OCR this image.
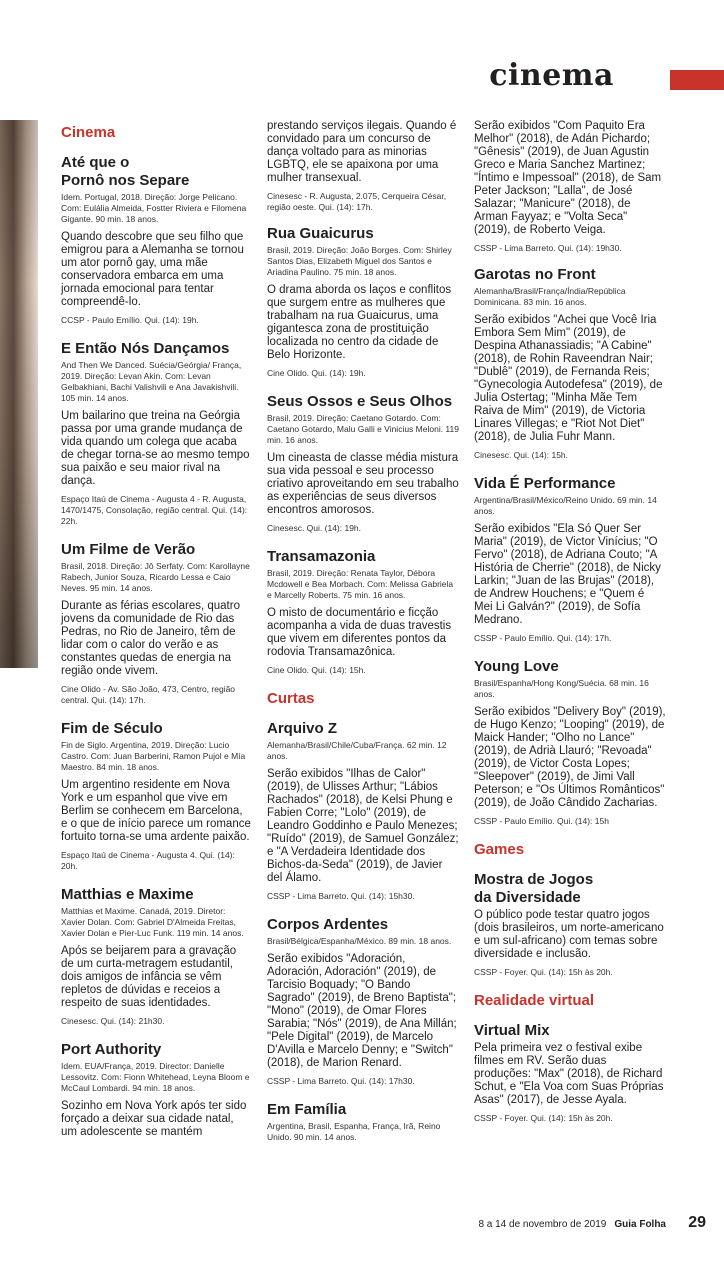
cinema
Cinema
Até que o
Pornô nos Separe
Idem. Portugal, 2018. Direção: Jorge Pelicano. Com: Eulália Almeida, Fostter Riviera e Filomena Gigante. 90 min. 18 anos.
Quando descobre que seu filho que emigrou para a Alemanha se tornou um ator pornô gay, uma mãe conservadora embarca em uma jornada emocional para tentar compreendê-lo.
CCSP - Paulo Emílio. Qui. (14): 19h.
E Então Nós Dançamos
And Then We Danced. Suécia/Geórgia/ França, 2019. Direção: Levan Akin. Com: Levan Gelbakhiani, Bachi Valishvili e Ana Javakishvili. 105 min. 14 anos.
Um bailarino que treina na Geórgia passa por uma grande mudança de vida quando um colega que acaba de chegar torna-se ao mesmo tempo sua paixão e seu maior rival na dança.
Espaço Itaú de Cinema - Augusta 4 - R. Augusta, 1470/1475, Consolação, região central. Qui. (14): 22h.
Um Filme de Verão
Brasil, 2018. Direção: Jô Serfaty. Com: Karollayne Rabech, Junior Souza, Ricardo Lessa e Caio Neves. 95 min. 14 anos.
Durante as férias escolares, quatro jovens da comunidade de Rio das Pedras, no Rio de Janeiro, têm de lidar com o calor do verão e as constantes quedas de energia na região onde vivem.
Cine Olido - Av. São João, 473, Centro, região central. Qui. (14): 17h.
Fim de Século
Fin de Siglo. Argentina, 2019. Direção: Lucio Castro. Com: Juan Barberini, Ramon Pujol e Mía Maestro. 84 min. 18 anos.
Um argentino residente em Nova York e um espanhol que vive em Berlim se conhecem em Barcelona, e o que de início parece um romance fortuito torna-se uma ardente paixão.
Espaço Itaú de Cinema - Augusta 4. Qui. (14): 20h.
Matthias e Maxime
Matthias et Maxime. Canadá, 2019. Diretor: Xavier Dolan. Com: Gabriel D'Almeida Freitas, Xavier Dolan e Pier-Luc Funk. 119 min. 14 anos.
Após se beijarem para a gravação de um curta-metragem estudantil, dois amigos de infância se vêm repletos de dúvidas e receios a respeito de suas identidades.
Cinesesc. Qui. (14): 21h30.
Port Authority
Idem. EUA/França, 2019. Director: Danielle Lessovitz. Com: Fionn Whitehead, Leyna Bloom e McCaul Lombardi. 94 min. 18 anos.
Sozinho em Nova York após ter sido forçado a deixar sua cidade natal, um adolescente se mantém
prestando serviços ilegais. Quando é convidado para um concurso de dança voltado para as minorias LGBTQ, ele se apaixona por uma mulher transexual.
Cinesesc - R. Augusta, 2.075, Cerqueira César, região oeste. Qui. (14): 17h.
Rua Guaicurus
Brasil, 2019. Direção: João Borges. Com: Shirley Santos Dias, Elizabeth Miguel dos Santos e Ariadina Paulino. 75 min. 18 anos.
O drama aborda os laços e conflitos que surgem entre as mulheres que trabalham na rua Guaicurus, uma gigantesca zona de prostituição localizada no centro da cidade de Belo Horizonte.
Cine Olido. Qui. (14): 19h.
Seus Ossos e Seus Olhos
Brasil, 2019. Direção: Caetano Gotardo. Com: Caetano Gotardo, Malu Galli e Vinicius Meloni. 119 min. 16 anos.
Um cineasta de classe média mistura sua vida pessoal e seu processo criativo aproveitando em seu trabalho as experiências de seus diversos encontros amorosos.
Cinesesc. Qui. (14): 19h.
Transamazonia
Brasil, 2019. Direção: Renata Taylor, Débora Mcdowell e Bea Morbach. Com: Melissa Gabriela e Marcelly Roberts. 75 min. 16 anos.
O misto de documentário e ficção acompanha a vida de duas travestis que vivem em diferentes pontos da rodovia Transamazônica.
Cine Olido. Qui. (14): 15h.
Curtas
Arquivo Z
Alemanha/Brasil/Chile/Cuba/França. 62 min. 12 anos.
Serão exibidos "Ilhas de Calor" (2019), de Ulisses Arthur; "Lábios Rachados" (2018), de Kelsi Phung e Fabien Corre; "Lolo" (2019), de Leandro Goddinho e Paulo Menezes; "Ruído" (2019), de Samuel González; e "A Verdadeira Identidade dos Bichos-da-Seda" (2019), de Javier del Álamo.
CSSP - Lima Barreto. Qui. (14): 15h30.
Corpos Ardentes
Brasil/Bélgica/Espanha/México. 89 min. 18 anos.
Serão exibidos "Adoración, Adoración, Adoración" (2019), de Tarcisio Boquady; "O Bando Sagrado" (2019), de Breno Baptista"; "Mono" (2019), de Omar Flores Sarabia; "Nós" (2019), de Ana Millán; "Pele Digital" (2019), de Marcelo D'Avilla e Marcelo Denny; e "Switch" (2018), de Marion Renard.
CSSP - Lima Barreto. Qui. (14): 17h30.
Em Família
Argentina, Brasil, Espanha, França, Irã, Reino Unido. 90 min. 14 anos.
Serão exibidos "Com Paquito Era Melhor" (2018), de Adán Pichardo; "Gênesis" (2019), de Juan Agustin Greco e Maria Sanchez Martinez; "Íntimo e Impessoal" (2018), de Sam Peter Jackson; "Lalla", de José Salazar; "Manicure" (2018), de Arman Fayyaz; e "Volta Seca" (2019), de Roberto Veiga.
CSSP - Lima Barreto. Qui. (14): 19h30.
Garotas no Front
Alemanha/Brasil/França/Índia/República Dominicana. 83 min. 16 anos.
Serão exibidos "Achei que Você Iria Embora Sem Mim" (2019), de Despina Athanassiadis; "A Cabine" (2018), de Rohin Raveendran Nair; "Dublê" (2019), de Fernanda Reis; "Gynecologia Autodefesa" (2019), de Julia Ostertag; "Minha Mãe Tem Raiva de Mim" (2019), de Victoria Linares Villegas; e "Riot Not Diet" (2018), de Julia Fuhr Mann.
Cinesesc. Qui. (14): 15h.
Vida É Performance
Argentina/Brasil/México/Reino Unido. 69 min. 14 anos.
Serão exibidos "Ela Só Quer Ser Maria" (2019), de Victor Vinícius; "O Fervo" (2018), de Adriana Couto; "A História de Cherrie" (2018), de Nicky Larkin; "Juan de las Brujas" (2018), de Andrew Houchens; e "Quem é Mei Li Galván?" (2019), de Sofía Medrano.
CSSP - Paulo Emílio. Qui. (14): 17h.
Young Love
Brasil/Espanha/Hong Kong/Suécia. 68 min. 16 anos.
Serão exibidos "Delivery Boy" (2019), de Hugo Kenzo; "Looping" (2019), de Maick Hander; "Olho no Lance" (2019), de Adrià Llauró; "Revoada" (2019), de Victor Costa Lopes; "Sleepover" (2019), de Jimi Vall Peterson; e "Os Últimos Românticos" (2019), de João Cândido Zacharias.
CSSP - Paulo Emílio. Qui. (14): 15h
Games
Mostra de Jogos
da Diversidade
O público pode testar quatro jogos (dois brasileiros, um norte-americano e um sul-africano) com temas sobre diversidade e inclusão.
CSSP - Foyer. Qui. (14): 15h às 20h.
Realidade virtual
Virtual Mix
Pela primeira vez o festival exibe filmes em RV. Serão duas produções: "Max" (2018), de Richard Schut, e "Ela Voa com Suas Próprias Asas" (2017), de Jesse Ayala.
CSSP - Foyer. Qui. (14): 15h às 20h.
8 a 14 de novembro de 2019 Guia Folha 29
